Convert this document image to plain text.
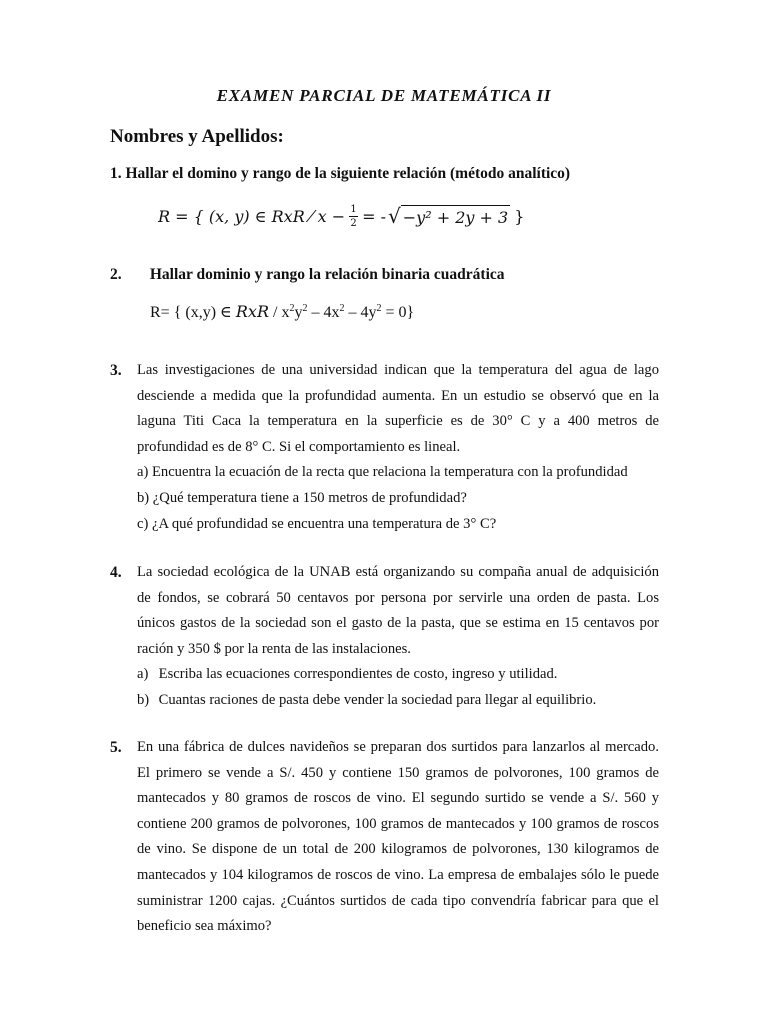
EXAMEN PARCIAL DE MATEMÁTICA II
Nombres y Apellidos:
1. Hallar el domino y rango de la siguiente relación (método analítico)
R = { (x, y) ∈ RxR ⁄ $x - \frac{1}{2}$ = - √ −y² + 2y + 3 }
2. Hallar dominio y rango la relación binaria cuadrática
R= { (x,y) ∈ RxR / $x^2y^2 - 4x^2 - 4y^2 = 0$}
3. Las investigaciones de una universidad indican que la temperatura del agua de lago desciende a medida que la profundidad aumenta. En un estudio se observó que en la laguna Titi Caca la temperatura en la superficie es de 30° C y a 400 metros de profundidad es de 8° C. Si el comportamiento es lineal.

a) Encuentra la ecuación de la recta que relaciona la temperatura con la profundidad

b) ¿Qué temperatura tiene a 150 metros de profundidad?

c) ¿A qué profundidad se encuentra una temperatura de 3° C?

4. La sociedad ecológica de la UNAB está organizando su compaña anual de adquisición de fondos, se cobrará 50 centavos por persona por servirle una orden de pasta. Los únicos gastos de la sociedad son el gasto de la pasta, que se estima en 15 centavos por ración y 350 $ por la renta de las instalaciones.

a)
Escriba las ecuaciones correspondientes de costo, ingreso y utilidad.

b)
Cuantas raciones de pasta debe vender la sociedad para llegar al equilibrio.

5. En una fábrica de dulces navideños se preparan dos surtidos para lanzarlos al mercado. El primero se vende a S/. 450 y contiene 150 gramos de polvorones, 100 gramos de mantecados y 80 gramos de roscos de vino. El segundo surtido se vende a S/. 560 y contiene 200 gramos de polvorones, 100 gramos de mantecados y 100 gramos de roscos de vino. Se dispone de un total de 200 kilogramos de polvorones, 130 kilogramos de mantecados y 104 kilogramos de roscos de vino. La empresa de embalajes sólo le puede suministrar 1200 cajas. ¿Cuántos surtidos de cada tipo convendría fabricar para que el beneficio sea máximo?
